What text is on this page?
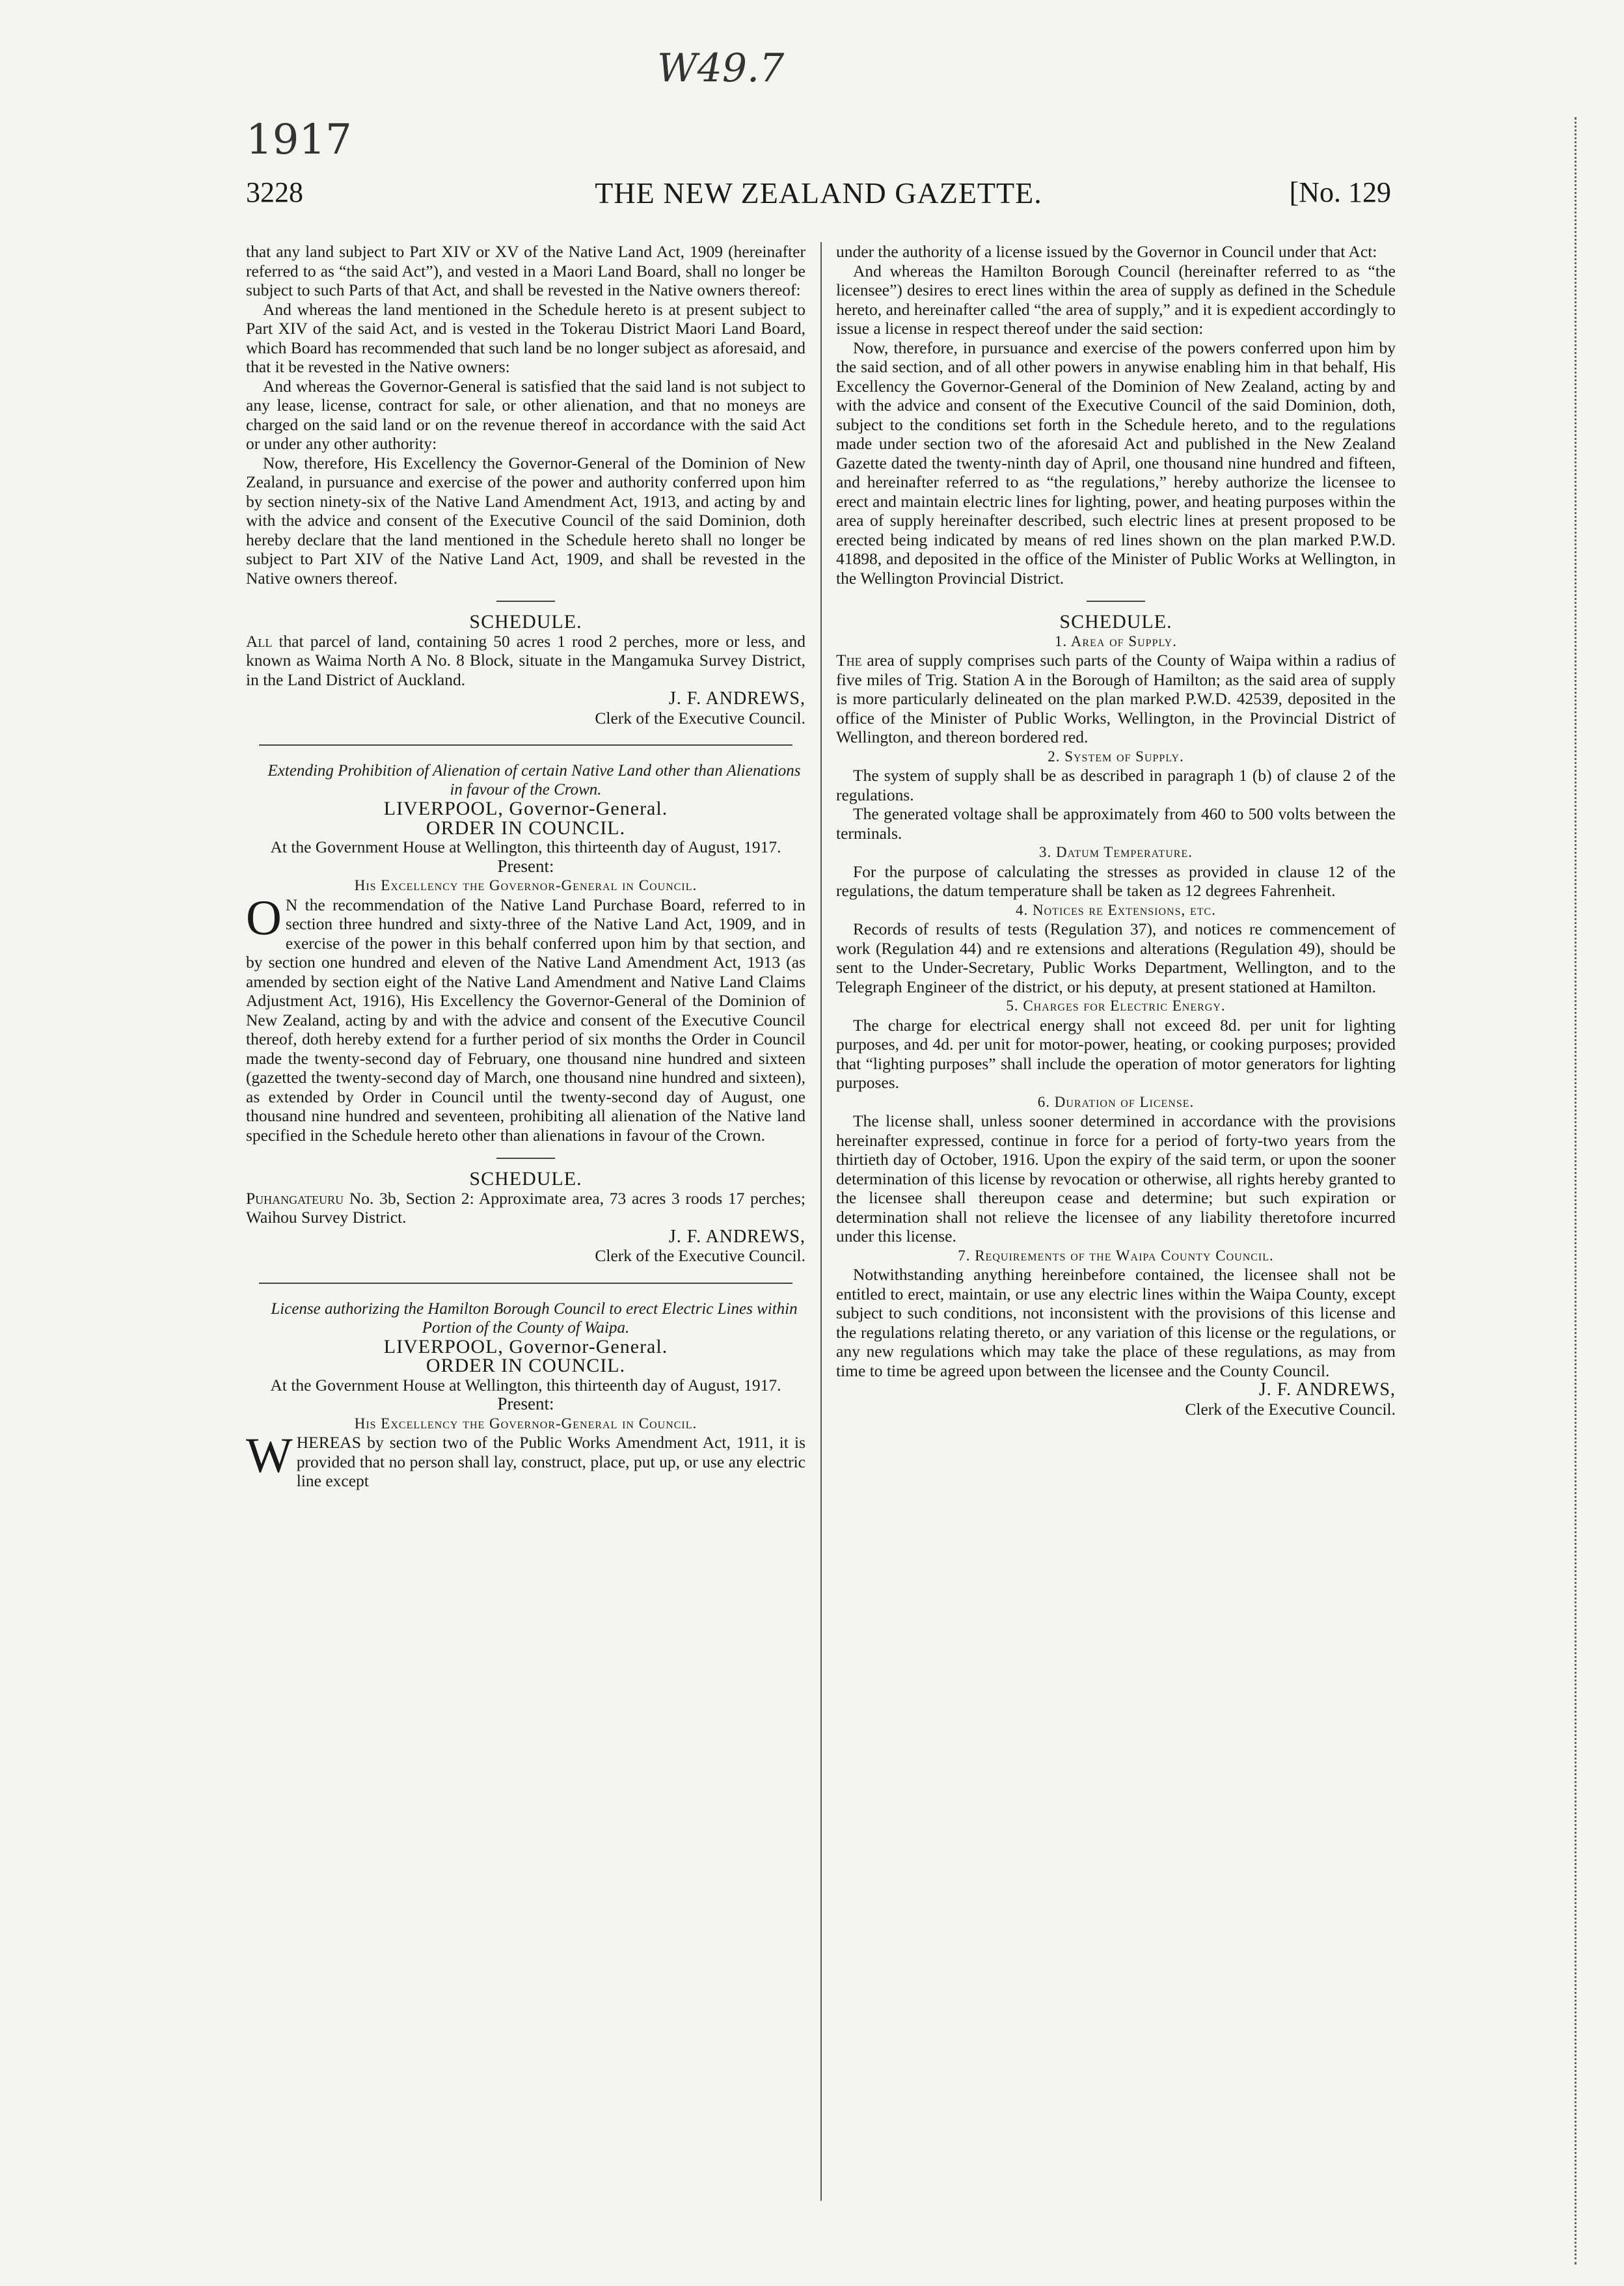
W49.7
1917
THE NEW ZEALAND GAZETTE.
3228	[No. 129

that any land subject to Part XIV or XV of the Native Land Act, 1909 (hereinafter referred to as “the said Act”), and vested in a Maori Land Board, shall no longer be subject to such Parts of that Act, and shall be revested in the Native owners thereof:

And whereas the land mentioned in the Schedule hereto is at present subject to Part XIV of the said Act, and is vested in the Tokerau District Maori Land Board, which Board has recommended that such land be no longer subject as aforesaid, and that it be revested in the Native owners:

And whereas the Governor-General is satisfied that the said land is not subject to any lease, license, contract for sale, or other alienation, and that no moneys are charged on the said land or on the revenue thereof in accordance with the said Act or under any other authority:

Now, therefore, His Excellency the Governor-General of the Dominion of New Zealand, in pursuance and exercise of the power and authority conferred upon him by section ninety-six of the Native Land Amendment Act, 1913, and acting by and with the advice and consent of the Executive Council of the said Dominion, doth hereby declare that the land mentioned in the Schedule hereto shall no longer be subject to Part XIV of the Native Land Act, 1909, and shall be revested in the Native owners thereof.

SCHEDULE.

All that parcel of land, containing 50 acres 1 rood 2 perches, more or less, and known as Waima North A No. 8 Block, situate in the Mangamuka Survey District, in the Land District of Auckland.

J. F. ANDREWS,

Clerk of the Executive Council.

Extending Prohibition of Alienation of certain Native Land other than Alienations in favour of the Crown.

LIVERPOOL, Governor-General.

ORDER IN COUNCIL.

At the Government House at Wellington, this thirteenth day of August, 1917.

Present:

His Excellency the Governor-General in Council.

O N the recommendation of the Native Land Purchase Board, referred to in section three hundred and sixty-three of the Native Land Act, 1909, and in exercise of the power in this behalf conferred upon him by that section, and by section one hundred and eleven of the Native Land Amendment Act, 1913 (as amended by section eight of the Native Land Amendment and Native Land Claims Adjustment Act, 1916), His Excellency the Governor-General of the Dominion of New Zealand, acting by and with the advice and consent of the Executive Council thereof, doth hereby extend for a further period of six months the Order in Council made the twenty-second day of February, one thousand nine hundred and sixteen (gazetted the twenty-second day of March, one thousand nine hundred and sixteen), as extended by Order in Council until the twenty-second day of August, one thousand nine hundred and seventeen, prohibiting all alienation of the Native land specified in the Schedule hereto other than alienations in favour of the Crown.

SCHEDULE.

Puhangateuru No. 3b, Section 2: Approximate area, 73 acres 3 roods 17 perches; Waihou Survey District.

J. F. ANDREWS,

Clerk of the Executive Council.

License authorizing the Hamilton Borough Council to erect Electric Lines within Portion of the County of Waipa.

LIVERPOOL, Governor-General.

ORDER IN COUNCIL.

At the Government House at Wellington, this thirteenth day of August, 1917.

Present:

His Excellency the Governor-General in Council.

WHEREAS by section two of the Public Works Amendment Act, 1911, it is provided that no person shall lay, construct, place, put up, or use any electric line except

under the authority of a license issued by the Governor in Council under that Act:

And whereas the Hamilton Borough Council (hereinafter referred to as “the licensee”) desires to erect lines within the area of supply as defined in the Schedule hereto, and hereinafter called “the area of supply,” and it is expedient accordingly to issue a license in respect thereof under the said section:

Now, therefore, in pursuance and exercise of the powers conferred upon him by the said section, and of all other powers in anywise enabling him in that behalf, His Excellency the Governor-General of the Dominion of New Zealand, acting by and with the advice and consent of the Executive Council of the said Dominion, doth, subject to the conditions set forth in the Schedule hereto, and to the regulations made under section two of the aforesaid Act and published in the New Zealand Gazette dated the twenty-ninth day of April, one thousand nine hundred and fifteen, and hereinafter referred to as “the regulations,” hereby authorize the licensee to erect and maintain electric lines for lighting, power, and heating purposes within the area of supply hereinafter described, such electric lines at present proposed to be erected being indicated by means of red lines shown on the plan marked P.W.D. 41898, and deposited in the office of the Minister of Public Works at Wellington, in the Wellington Provincial District.

SCHEDULE.

1. Area of Supply.

The area of supply comprises such parts of the County of Waipa within a radius of five miles of Trig. Station A in the Borough of Hamilton; as the said area of supply is more particularly delineated on the plan marked P.W.D. 42539, deposited in the office of the Minister of Public Works, Wellington, in the Provincial District of Wellington, and thereon bordered red.

2. System of Supply.

The system of supply shall be as described in paragraph 1 (b) of clause 2 of the regulations.

The generated voltage shall be approximately from 460 to 500 volts between the terminals.

3. Datum Temperature.

For the purpose of calculating the stresses as provided in clause 12 of the regulations, the datum temperature shall be taken as 12 degrees Fahrenheit.

4. Notices re Extensions, etc.

Records of results of tests (Regulation 37), and notices re commencement of work (Regulation 44) and re extensions and alterations (Regulation 49), should be sent to the Under-Secretary, Public Works Department, Wellington, and to the Telegraph Engineer of the district, or his deputy, at present stationed at Hamilton.

5. Charges for Electric Energy.

The charge for electrical energy shall not exceed 8d. per unit for lighting purposes, and 4d. per unit for motor-power, heating, or cooking purposes; provided that “lighting purposes” shall include the operation of motor generators for lighting purposes.

6. Duration of License.

The license shall, unless sooner determined in accordance with the provisions hereinafter expressed, continue in force for a period of forty-two years from the thirtieth day of October, 1916. Upon the expiry of the said term, or upon the sooner determination of this license by revocation or otherwise, all rights hereby granted to the licensee shall thereupon cease and determine; but such expiration or determination shall not relieve the licensee of any liability theretofore incurred under this license.

7. Requirements of the Waipa County Council.

Notwithstanding anything hereinbefore contained, the licensee shall not be entitled to erect, maintain, or use any electric lines within the Waipa County, except subject to such conditions, not inconsistent with the provisions of this license and the regulations relating thereto, or any variation of this license or the regulations, or any new regulations which may take the place of these regulations, as may from time to time be agreed upon between the licensee and the County Council.

J. F. ANDREWS,

Clerk of the Executive Council.
